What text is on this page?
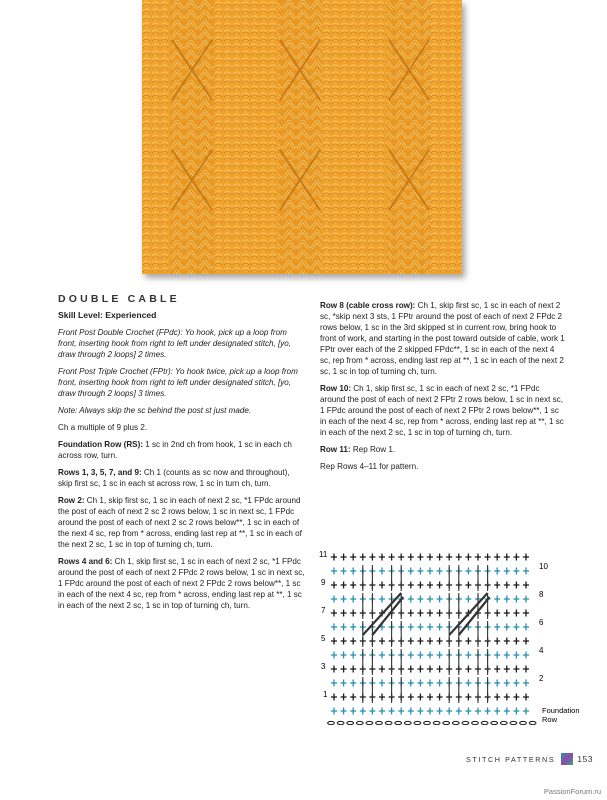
DOUBLE CABLE
Skill Level: Experienced

Front Post Double Crochet (FPdc): Yo hook, pick up a loop from front, inserting hook from right to left under designated stitch, [yo, draw through 2 loops] 2 times.

Front Post Triple Crochet (FPtr): Yo hook twice, pick up a loop from front, inserting hook from right to left under designated stitch, [yo, draw through 2 loops] 3 times.

Note: Always skip the sc behind the post st just made.

Ch a multiple of 9 plus 2.

Foundation Row (RS): 1 sc in 2nd ch from hook, 1 sc in each ch across row, turn.

Rows 1, 3, 5, 7, and 9: Ch 1 (counts as sc now and throughout), skip first sc, 1 sc in each st across row, 1 sc in turn ch, turn.

Row 2: Ch 1, skip first sc, 1 sc in each of next 2 sc, *1 FPdc around the post of each of next 2 sc 2 rows below, 1 sc in next sc, 1 FPdc around the post of each of next 2 sc 2 rows below**, 1 sc in each of the next 4 sc, rep from * across, ending last rep at **, 1 sc in each of the next 2 sc, 1 sc in top of turning ch, turn.

Rows 4 and 6: Ch 1, skip first sc, 1 sc in each of next 2 sc, *1 FPdc around the post of each of next 2 FPdc 2 rows below, 1 sc in next sc, 1 FPdc around the post of each of next 2 FPdc 2 rows below**, 1 sc in each of the next 4 sc, rep from * across, ending last rep at **, 1 sc in each of the next 2 sc, 1 sc in top of turning ch, turn.

Row 8 (cable cross row): Ch 1, skip first sc, 1 sc in each of next 2 sc, *skip next 3 sts, 1 FPtr around the post of each of next 2 FPdc 2 rows below, 1 sc in the 3rd skipped st in current row, bring hook to front of work, and starting in the post toward outside of cable, work 1 FPtr over each of the 2 skipped FPdc**, 1 sc in each of the next 4 sc, rep from * across, ending last rep at **, 1 sc in each of the next 2 sc, 1 sc in top of turning ch, turn.

Row 10: Ch 1, skip first sc, 1 sc in each of next 2 sc, *1 FPdc around the post of each of next 2 FPtr 2 rows below, 1 sc in next sc, 1 FPdc around the post of each of next 2 FPtr 2 rows below**, 1 sc in each of the next 4 sc, rep from * across, ending last rep at **, 1 sc in each of the next 2 sc, 1 sc in top of turning ch, turn.

Row 11: Rep Row 1.

Rep Rows 4–11 for pattern.

11
9
7
5
3
1
10
8
6
4
2
Foundation
Row
STITCH PATTERNS	153
PassionForum.ru
